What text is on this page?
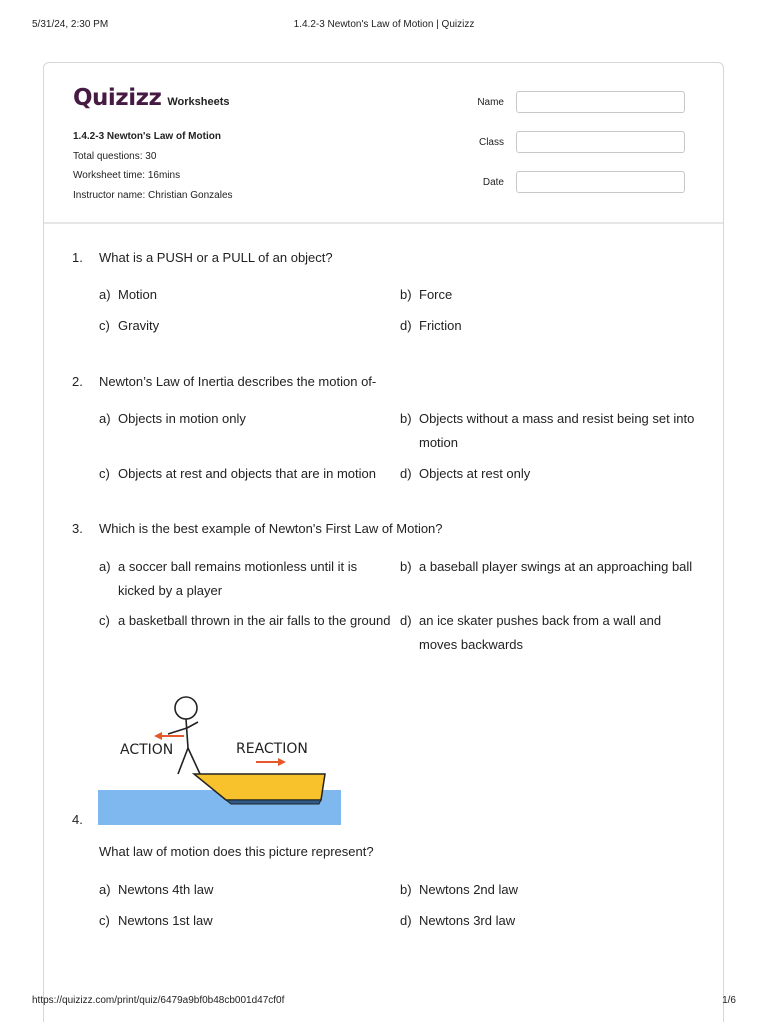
5/31/24, 2:30 PM	1.4.2-3 Newton's Law of Motion | Quizizz
Quizizz Worksheets
1.4.2-3 Newton's Law of Motion
Total questions: 30
Worksheet time: 16mins
Instructor name: Christian Gonzales
Name
Class
Date
1. What is a PUSH or a PULL of an object?
a) Motion	b) Force
c) Gravity	d) Friction
2. Newton’s Law of Inertia describes the motion of-
a) Objects in motion only	b) Objects without a mass and resist being set into motion
c) Objects at rest and objects that are in motion	d) Objects at rest only
3. Which is the best example of Newton's First Law of Motion?
a) a soccer ball remains motionless until it is kicked by a player
b) a baseball player swings at an approaching ball
c) a basketball thrown in the air falls to the ground d) an ice skater pushes back from a wall and moves backwards
ACTION	REACTION
4.
What law of motion does this picture represent?
a) Newtons 4th law	b) Newtons 2nd law
c) Newtons 1st law	d) Newtons 3rd law
https://quizizz.com/print/quiz/6479a9bf0b48cb001d47cf0f	1/6
